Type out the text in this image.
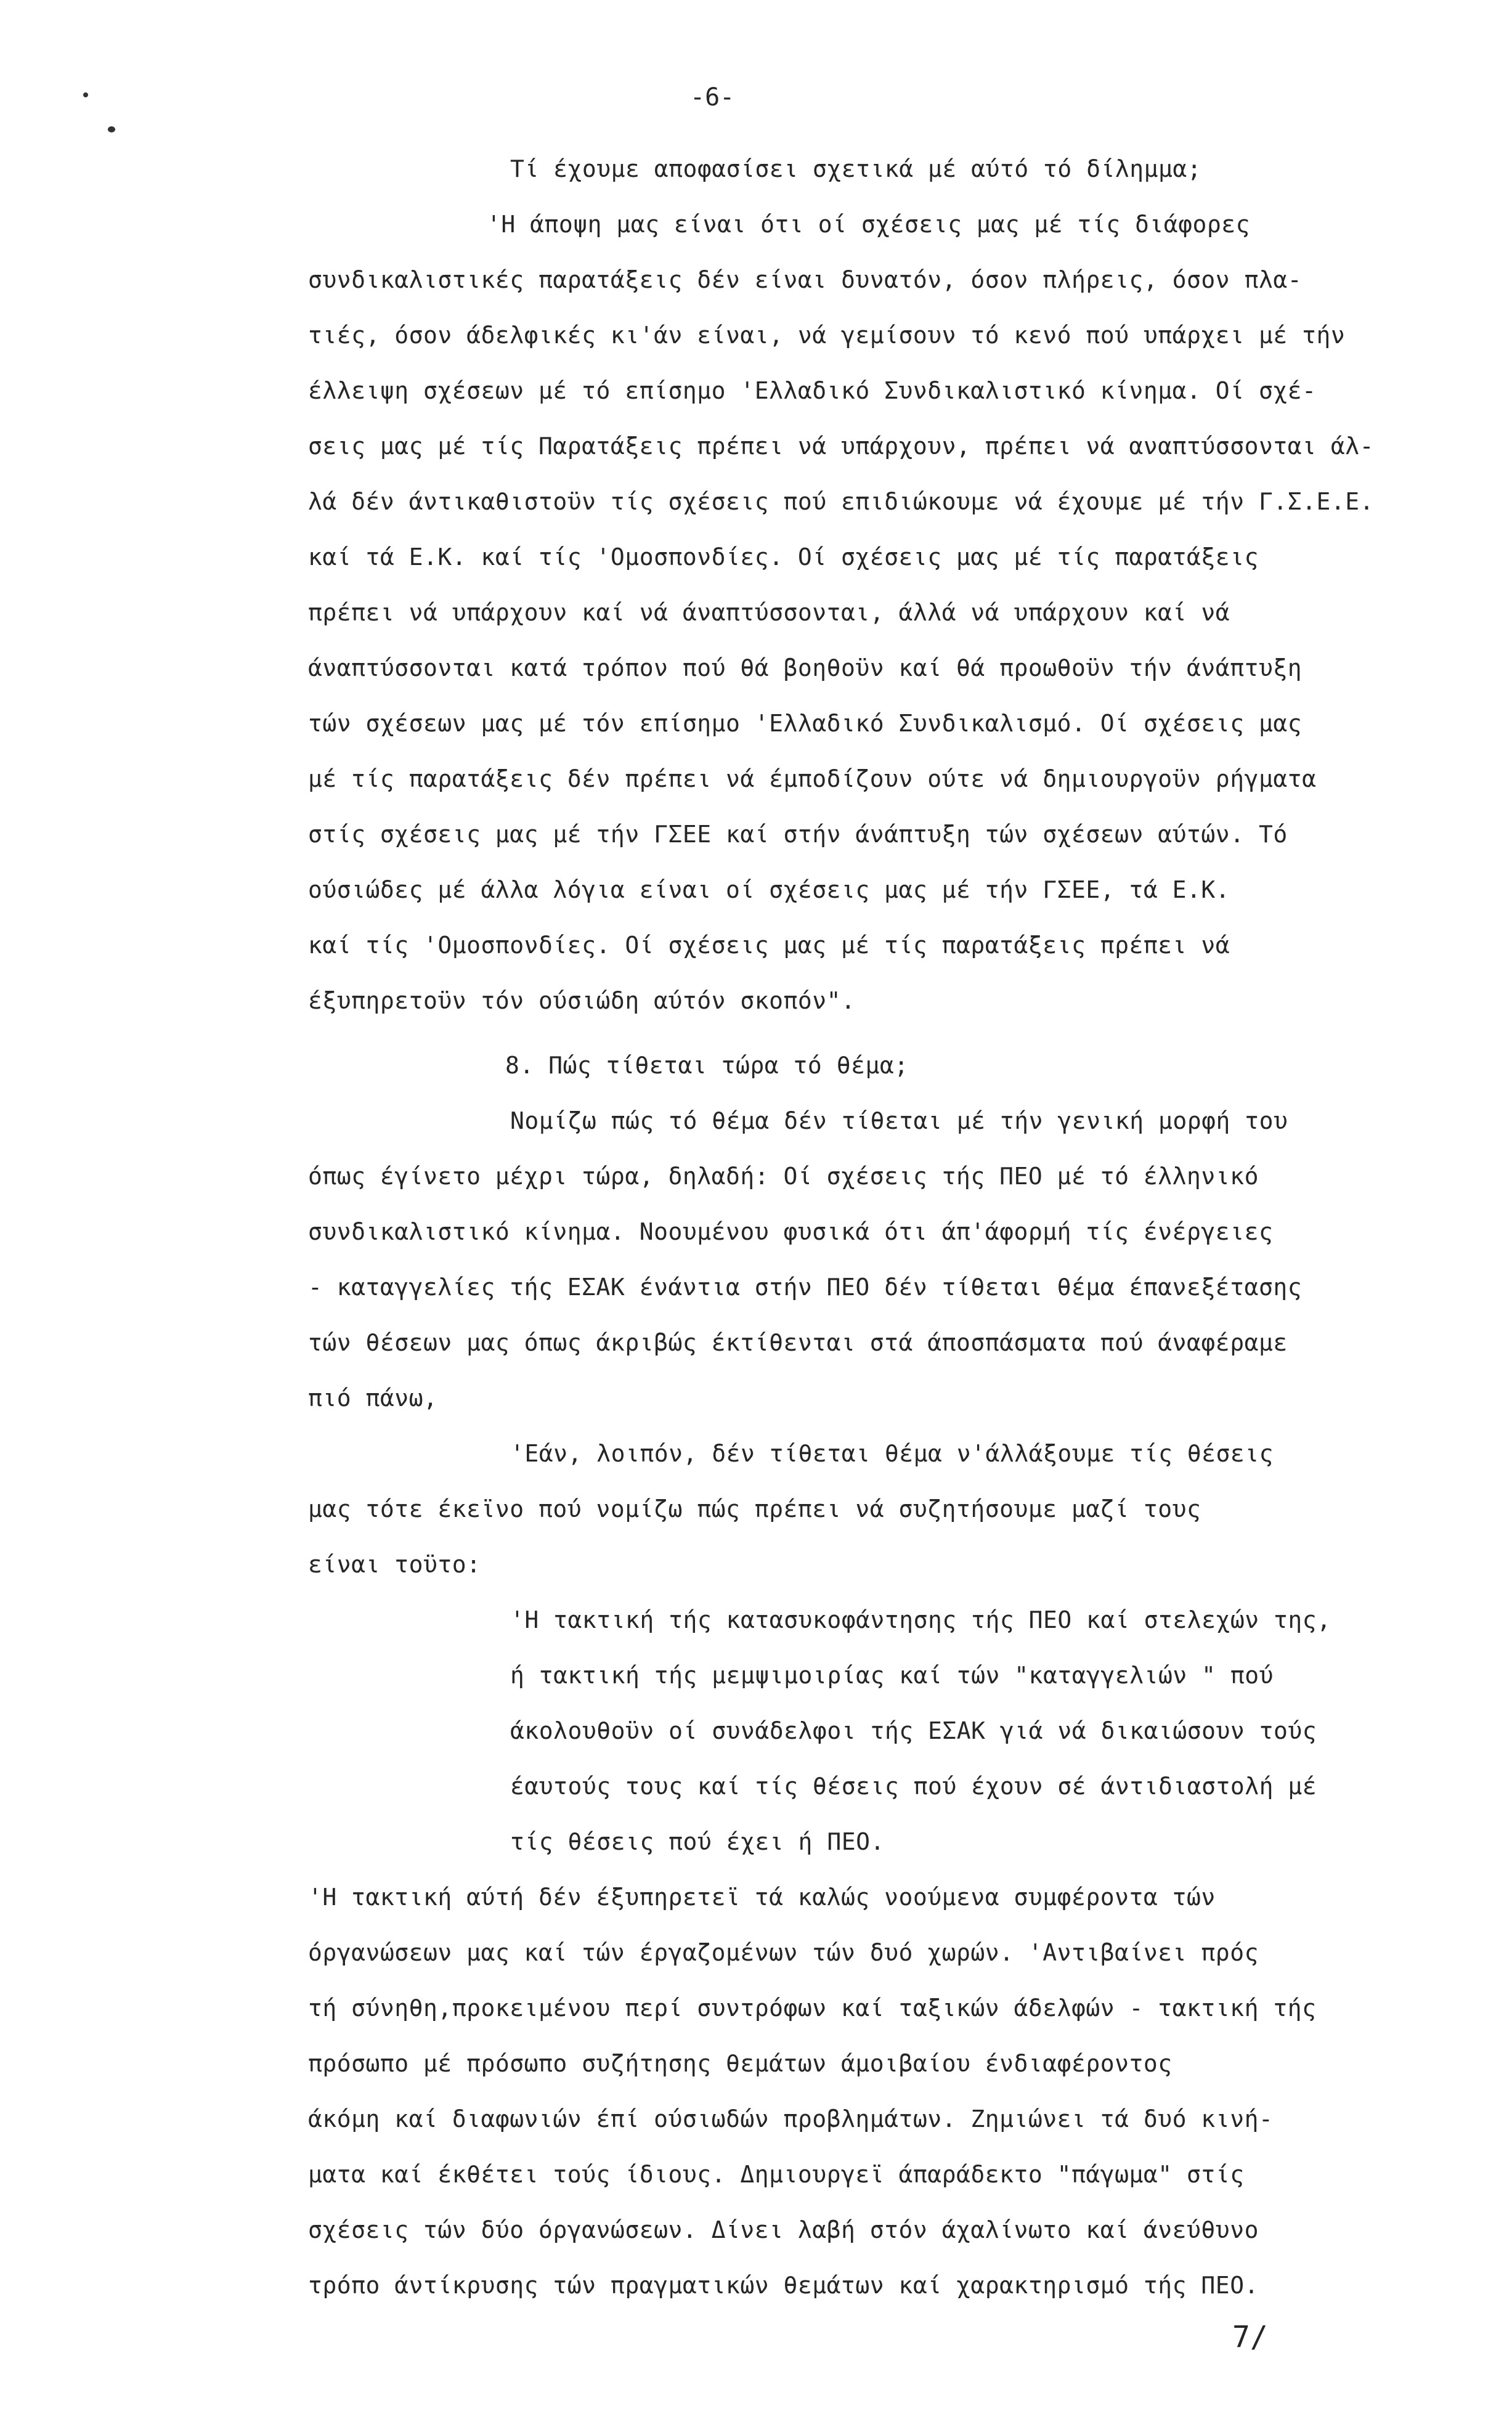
-6-
Τί έχουμε αποφασίσει σχετικά μέ αύτό τό δίλημμα;
'Η άποψη μας είναι ότι οί σχέσεις μας μέ τίς διάφορες
συνδικαλιστικές παρατάξεις δέν είναι δυνατόν, όσον πλήρεις, όσον πλα-
τιές, όσον άδελφικές κι'άν είναι, νά γεμίσουν τό κενό πού υπάρχει μέ τήν
έλλειψη σχέσεων μέ τό επίσημο 'Ελλαδικό Συνδικαλιστικό κίνημα. Οί σχέ-
σεις μας μέ τίς Παρατάξεις πρέπει νά υπάρχουν, πρέπει νά αναπτύσσονται άλ-
λά δέν άντικαθιστοϋν τίς σχέσεις πού επιδιώκουμε νά έχουμε μέ τήν Γ.Σ.Ε.Ε.
καί τά Ε.Κ. καί τίς 'Ομοσπονδίες. Οί σχέσεις μας μέ τίς παρατάξεις
πρέπει νά υπάρχουν καί νά άναπτύσσονται, άλλά νά υπάρχουν καί νά
άναπτύσσονται κατά τρόπον πού θά βοηθοϋν καί θά προωθοϋν τήν άνάπτυξη
τών σχέσεων μας μέ τόν επίσημο 'Ελλαδικό Συνδικαλισμό. Οί σχέσεις μας
μέ τίς παρατάξεις δέν πρέπει νά έμποδίζουν ούτε νά δημιουργοϋν ρήγματα
στίς σχέσεις μας μέ τήν ΓΣΕΕ καί στήν άνάπτυξη τών σχέσεων αύτών. Τό
ούσιώδες μέ άλλα λόγια είναι οί σχέσεις μας μέ τήν ΓΣΕΕ, τά Ε.Κ.
καί τίς 'Ομοσπονδίες. Οί σχέσεις μας μέ τίς παρατάξεις πρέπει νά
έξυπηρετοϋν τόν ούσιώδη αύτόν σκοπόν".
8. Πώς τίθεται τώρα τό θέμα;
Νομίζω πώς τό θέμα δέν τίθεται μέ τήν γενική μορφή του
όπως έγίνετο μέχρι τώρα, δηλαδή: Οί σχέσεις τής ΠΕΟ μέ τό έλληνικό
συνδικαλιστικό κίνημα. Νοουμένου φυσικά ότι άπ'άφορμή τίς ένέργειες
- καταγγελίες τής ΕΣΑΚ ένάντια στήν ΠΕΟ δέν τίθεται θέμα έπανεξέτασης
τών θέσεων μας όπως άκριβώς έκτίθενται στά άποσπάσματα πού άναφέραμε
πιό πάνω,
'Εάν, λοιπόν, δέν τίθεται θέμα ν'άλλάξουμε τίς θέσεις
μας τότε έκεϊνο πού νομίζω πώς πρέπει νά συζητήσουμε μαζί τους
είναι τοϋτο:
'Η τακτική τής κατασυκοφάντησης τής ΠΕΟ καί στελεχών της,
ή τακτική τής μεμψιμοιρίας καί τών "καταγγελιών " πού
άκολουθοϋν οί συνάδελφοι τής ΕΣΑΚ γιά νά δικαιώσουν τούς
έαυτούς τους καί τίς θέσεις πού έχουν σέ άντιδιαστολή μέ
τίς θέσεις πού έχει ή ΠΕΟ.
'Η τακτική αύτή δέν έξυπηρετεϊ τά καλώς νοούμενα συμφέροντα τών
όργανώσεων μας καί τών έργαζομένων τών δυό χωρών. 'Αντιβαίνει πρός
τή σύνηθη,προκειμένου περί συντρόφων καί ταξικών άδελφών - τακτική τής
πρόσωπο μέ πρόσωπο συζήτησης θεμάτων άμοιβαίου ένδιαφέροντος
άκόμη καί διαφωνιών έπί ούσιωδών προβλημάτων. Ζημιώνει τά δυό κινή-
ματα καί έκθέτει τούς ίδιους. Δημιουργεϊ άπαράδεκτο "πάγωμα" στίς
σχέσεις τών δύο όργανώσεων. Δίνει λαβή στόν άχαλίνωτο καί άνεύθυνο
τρόπο άντίκρυσης τών πραγματικών θεμάτων καί χαρακτηρισμό τής ΠΕΟ.
7/
